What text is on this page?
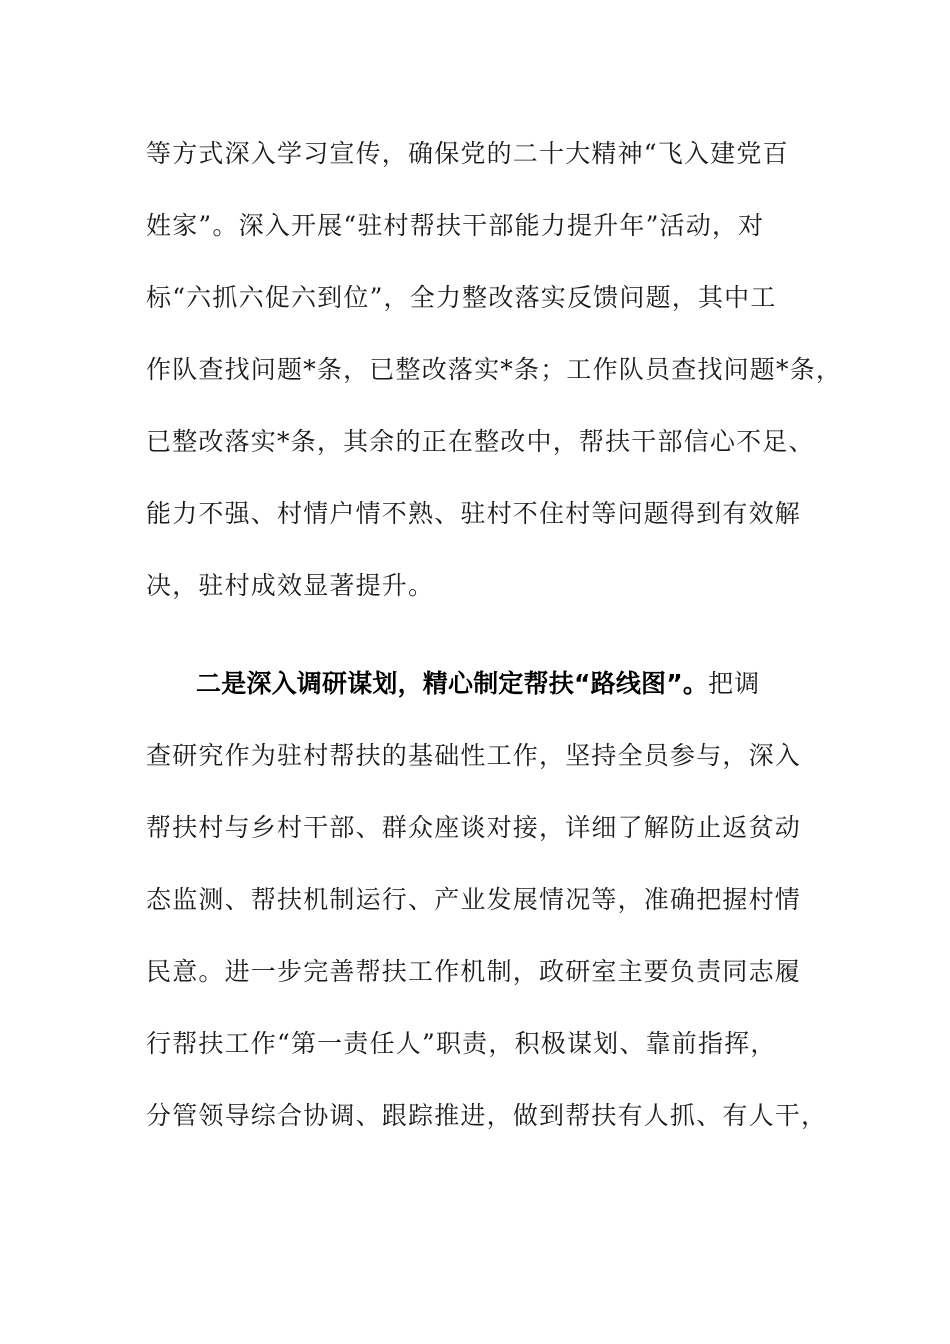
等方式深入学习宣传，确保党的二十大精神“飞入建党百
姓家”。深入开展“驻村帮扶干部能力提升年”活动，对
标“六抓六促六到位”，全力整改落实反馈问题，其中工
作队查找问题*条，已整改落实*条；工作队员查找问题*条，
已整改落实*条，其余的正在整改中，帮扶干部信心不足、
能力不强、村情户情不熟、驻村不住村等问题得到有效解
决，驻村成效显著提升。
二是深入调研谋划，精心制定帮扶“路线图”。把调
查研究作为驻村帮扶的基础性工作，坚持全员参与，深入
帮扶村与乡村干部、群众座谈对接，详细了解防止返贫动
态监测、帮扶机制运行、产业发展情况等，准确把握村情
民意。进一步完善帮扶工作机制，政研室主要负责同志履
行帮扶工作“第一责任人”职责，积极谋划、靠前指挥，
分管领导综合协调、跟踪推进，做到帮扶有人抓、有人干，
